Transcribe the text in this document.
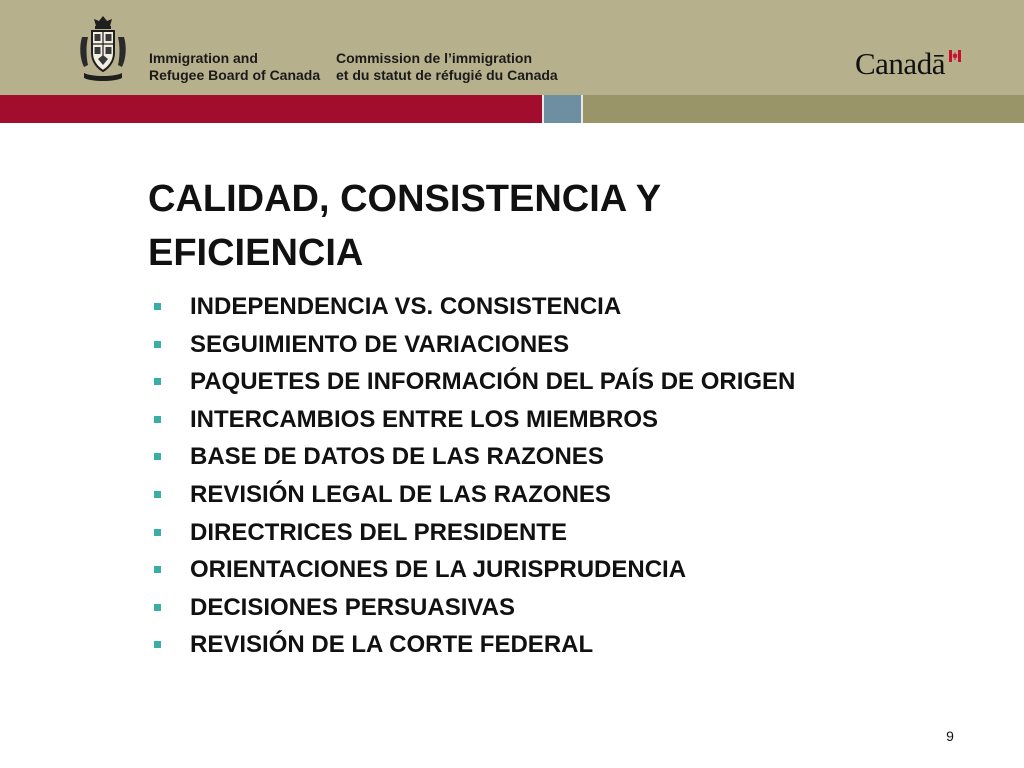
Immigration and
Refugee Board of Canada
Commission de l’immigration
et du statut de réfugié du Canada	Canadā
CALIDAD, CONSISTENCIA Y
EFICIENCIA
INDEPENDENCIA VS. CONSISTENCIA
SEGUIMIENTO DE VARIACIONES
PAQUETES DE INFORMACIÓN DEL PAÍS DE ORIGEN
INTERCAMBIOS ENTRE LOS MIEMBROS
BASE DE DATOS DE LAS RAZONES
REVISIÓN LEGAL DE LAS RAZONES
DIRECTRICES DEL PRESIDENTE
ORIENTACIONES DE LA JURISPRUDENCIA
DECISIONES PERSUASIVAS
REVISIÓN DE LA CORTE FEDERAL
9
